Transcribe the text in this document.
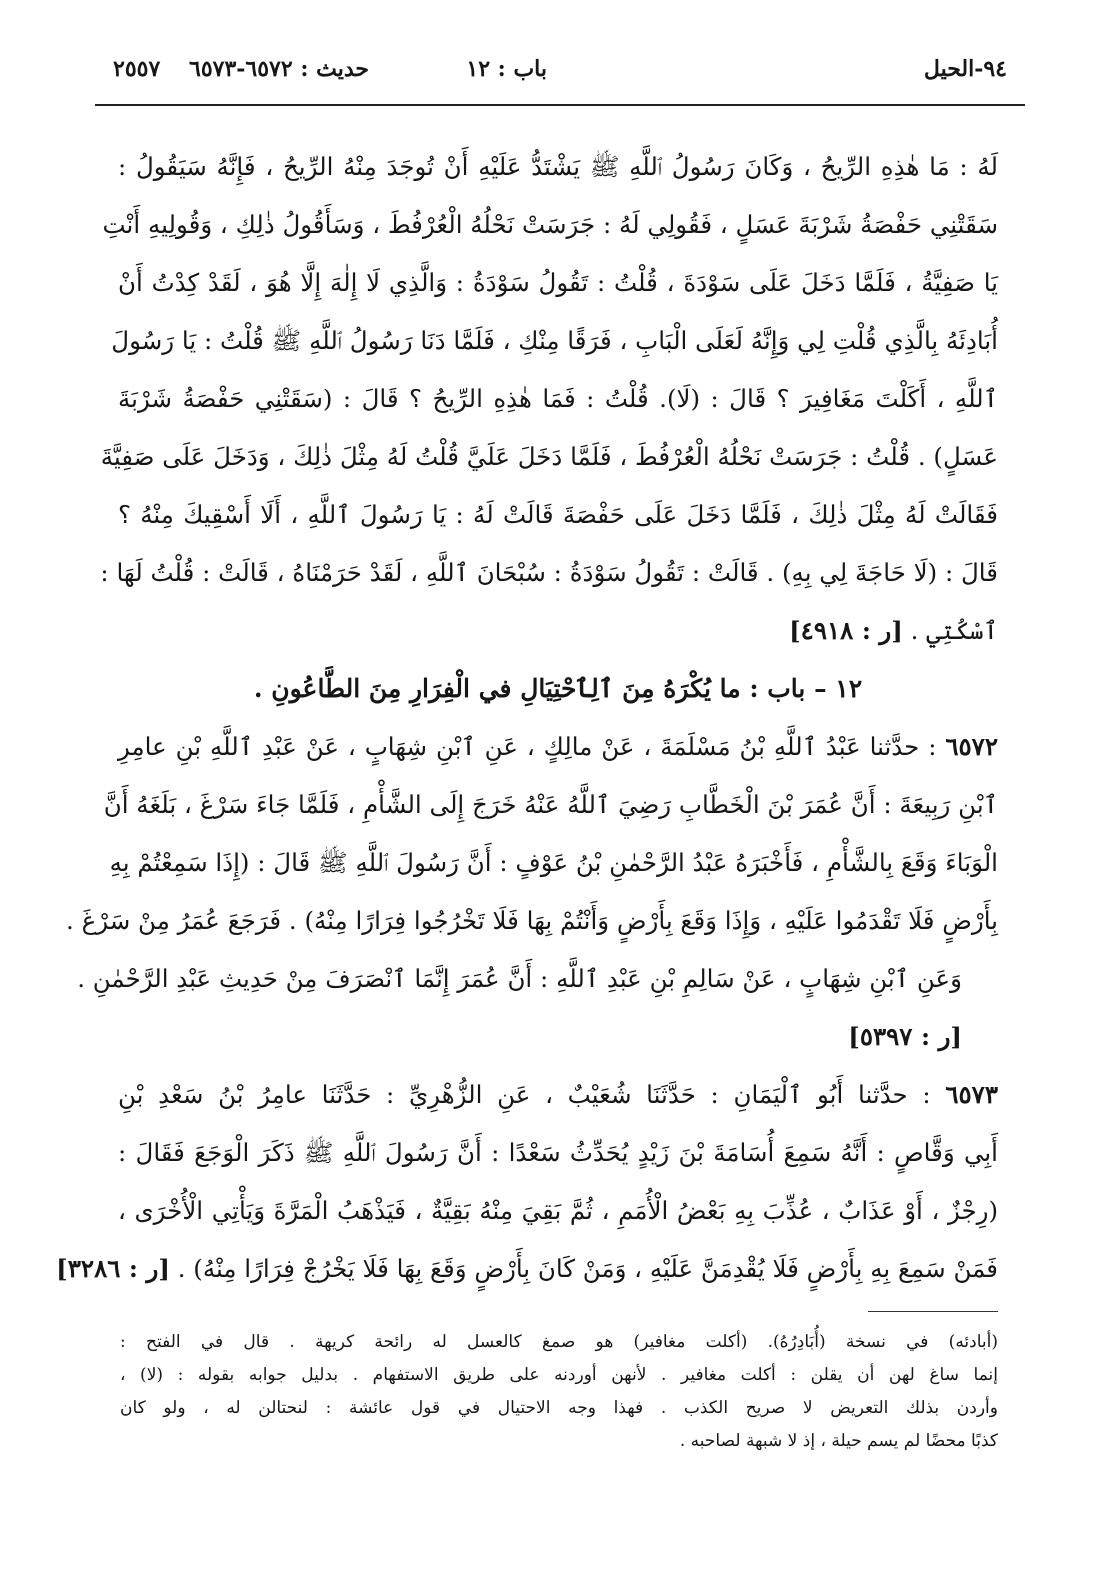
٩٤-الحيل
باب : ١٢
حديث : ٦٥٧٢-٦٥٧٣
٢٥٥٧
لَهُ : مَا هٰذِهِ الرِّيحُ ، وَكَانَ رَسُولُ ٱللَّهِ ﷺ يَشْتَدُّ عَلَيْهِ أَنْ تُوجَدَ مِنْهُ الرِّيحُ ، فَإِنَّهُ سَيَقُولُ :
سَقَتْنِي حَفْصَةُ شَرْبَةَ عَسَلٍ ، فَقُولِي لَهُ : جَرَسَتْ نَحْلُهُ الْعُرْفُطَ ، وَسَأَقُولُ ذٰلِكِ ، وَقُولِيهِ أَنْتِ
يَا صَفِيَّةُ ، فَلَمَّا دَخَلَ عَلَى سَوْدَةَ ، قُلْتُ : تَقُولُ سَوْدَةُ : وَالَّذِي لَا إِلٰهَ إِلَّا هُوَ ، لَقَدْ كِدْتُ أَنْ
أُبَادِئَهُ بِالَّذِي قُلْتِ لِي وَإِنَّهُ لَعَلَى الْبَابِ ، فَرَقًا مِنْكِ ، فَلَمَّا دَنَا رَسُولُ ٱللَّهِ ﷺ قُلْتُ : يَا رَسُولَ
ٱللَّهِ ، أَكَلْتَ مَغَافِيرَ ؟ قَالَ : (لَا). قُلْتُ : فَمَا هٰذِهِ الرِّيحُ ؟ قَالَ : (سَقَتْنِي حَفْصَةُ شَرْبَةَ
عَسَلٍ) . قُلْتُ : جَرَسَتْ نَحْلُهُ الْعُرْفُطَ ، فَلَمَّا دَخَلَ عَلَيَّ قُلْتُ لَهُ مِثْلَ ذٰلِكَ ، وَدَخَلَ عَلَى صَفِيَّةَ
فَقَالَتْ لَهُ مِثْلَ ذٰلِكَ ، فَلَمَّا دَخَلَ عَلَى حَفْصَةَ قَالَتْ لَهُ : يَا رَسُولَ ٱللَّهِ ، أَلَا أَسْقِيكَ مِنْهُ ؟
قَالَ : (لَا حَاجَةَ لِي بِهِ) . قَالَتْ : تَقُولُ سَوْدَةُ : سُبْحَانَ ٱللَّهِ ، لَقَدْ حَرَمْنَاهُ ، قَالَتْ : قُلْتُ لَهَا :
ٱسْكُتِي . [ر : ٤٩١٨]
١٢ – باب : ما يُكْرَهُ مِنَ ٱلِٱحْتِيَالِ في الْفِرَارِ مِنَ الطَّاعُونِ .
٦٥٧٢ : حدَّثنا عَبْدُ ٱللَّهِ بْنُ مَسْلَمَةَ ، عَنْ مالِكٍ ، عَنِ ٱبْنِ شِهَابٍ ، عَنْ عَبْدِ ٱللَّهِ بْنِ عامِرِ
ٱبْنِ رَبِيعَةَ : أَنَّ عُمَرَ بْنَ الْخَطَّابِ رَضِيَ ٱللَّهُ عَنْهُ خَرَجَ إِلَى الشَّأْمِ ، فَلَمَّا جَاءَ سَرْغَ ، بَلَغَهُ أَنَّ
الْوَبَاءَ وَقَعَ بِالشَّأْمِ ، فَأَخْبَرَهُ عَبْدُ الرَّحْمٰنِ بْنُ عَوْفٍ : أَنَّ رَسُولَ ٱللَّهِ ﷺ قَالَ : (إِذَا سَمِعْتُمْ بِهِ
بِأَرْضٍ فَلَا تَقْدَمُوا عَلَيْهِ ، وَإِذَا وَقَعَ بِأَرْضٍ وَأَنْتُمْ بِهَا فَلَا تَخْرُجُوا فِرَارًا مِنْهُ) . فَرَجَعَ عُمَرُ مِنْ سَرْغَ .
وَعَنِ ٱبْنِ شِهَابٍ ، عَنْ سَالِمِ بْنِ عَبْدِ ٱللَّهِ : أَنَّ عُمَرَ إِنَّمَا ٱنْصَرَفَ مِنْ حَدِيثِ عَبْدِ الرَّحْمٰنِ .
[ر : ٥٣٩٧]
٦٥٧٣ : حدَّثنا أَبُو ٱلْيَمَانِ : حَدَّثَنَا شُعَيْبٌ ، عَنِ الزُّهْرِيِّ : حَدَّثَنَا عامِرُ بْنُ سَعْدِ بْنِ
أَبِي وَقَّاصٍ : أَنَّهُ سَمِعَ أُسَامَةَ بْنَ زَيْدٍ يُحَدِّثُ سَعْدًا : أَنَّ رَسُولَ ٱللَّهِ ﷺ ذَكَرَ الْوَجَعَ فَقَالَ :
(رِجْزٌ ، أَوْ عَذَابٌ ، عُذِّبَ بِهِ بَعْضُ الْأُمَمِ ، ثُمَّ بَقِيَ مِنْهُ بَقِيَّةٌ ، فَيَذْهَبُ الْمَرَّةَ وَيَأْتِي الْأُخْرَى ،
فَمَنْ سَمِعَ بِهِ بِأَرْضٍ فَلَا يُقْدِمَنَّ عَلَيْهِ ، وَمَنْ كَانَ بِأَرْضٍ وَقَعَ بِهَا فَلَا يَخْرُجْ فِرَارًا مِنْهُ) . [ر : ٣٢٨٦]
(أبادئه) في نسخة (أُبَادِرُهُ). (أكلت مغافير) هو صمغ كالعسل له رائحة كريهة . قال في الفتح :
إنما ساغ لهن أن يقلن : أكلت مغافير . لأنهن أوردنه على طريق الاستفهام . بدليل جوابه بقوله : (لا) ،
وأردن بذلك التعريض لا صريح الكذب . فهذا وجه الاحتيال في قول عائشة : لنحتالن له ، ولو كان
كذبًا محضًا لم يسم حيلة ، إذ لا شبهة لصاحبه .
